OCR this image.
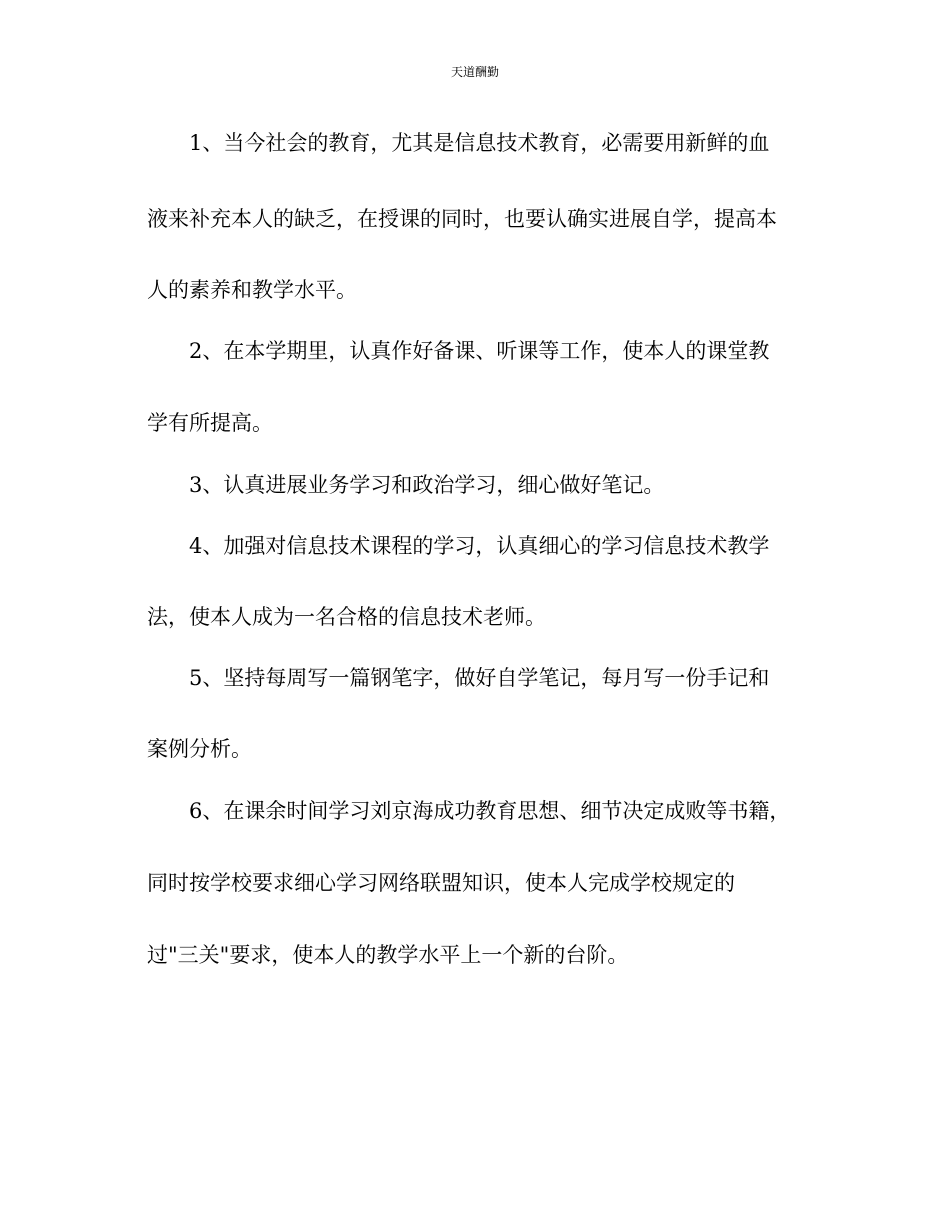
天道酬勤
1、当今社会的教育，尤其是信息技术教育，必需要用新鲜的血
液来补充本人的缺乏，在授课的同时，也要认确实进展自学，提高本
人的素养和教学水平。
2、在本学期里，认真作好备课、听课等工作，使本人的课堂教
学有所提高。
3、认真进展业务学习和政治学习，细心做好笔记。
4、加强对信息技术课程的学习，认真细心的学习信息技术教学
法，使本人成为一名合格的信息技术老师。
5、坚持每周写一篇钢笔字，做好自学笔记，每月写一份手记和
案例分析。
6、在课余时间学习刘京海成功教育思想、细节决定成败等书籍，
同时按学校要求细心学习网络联盟知识，使本人完成学校规定的
过"三关"要求，使本人的教学水平上一个新的台阶。
